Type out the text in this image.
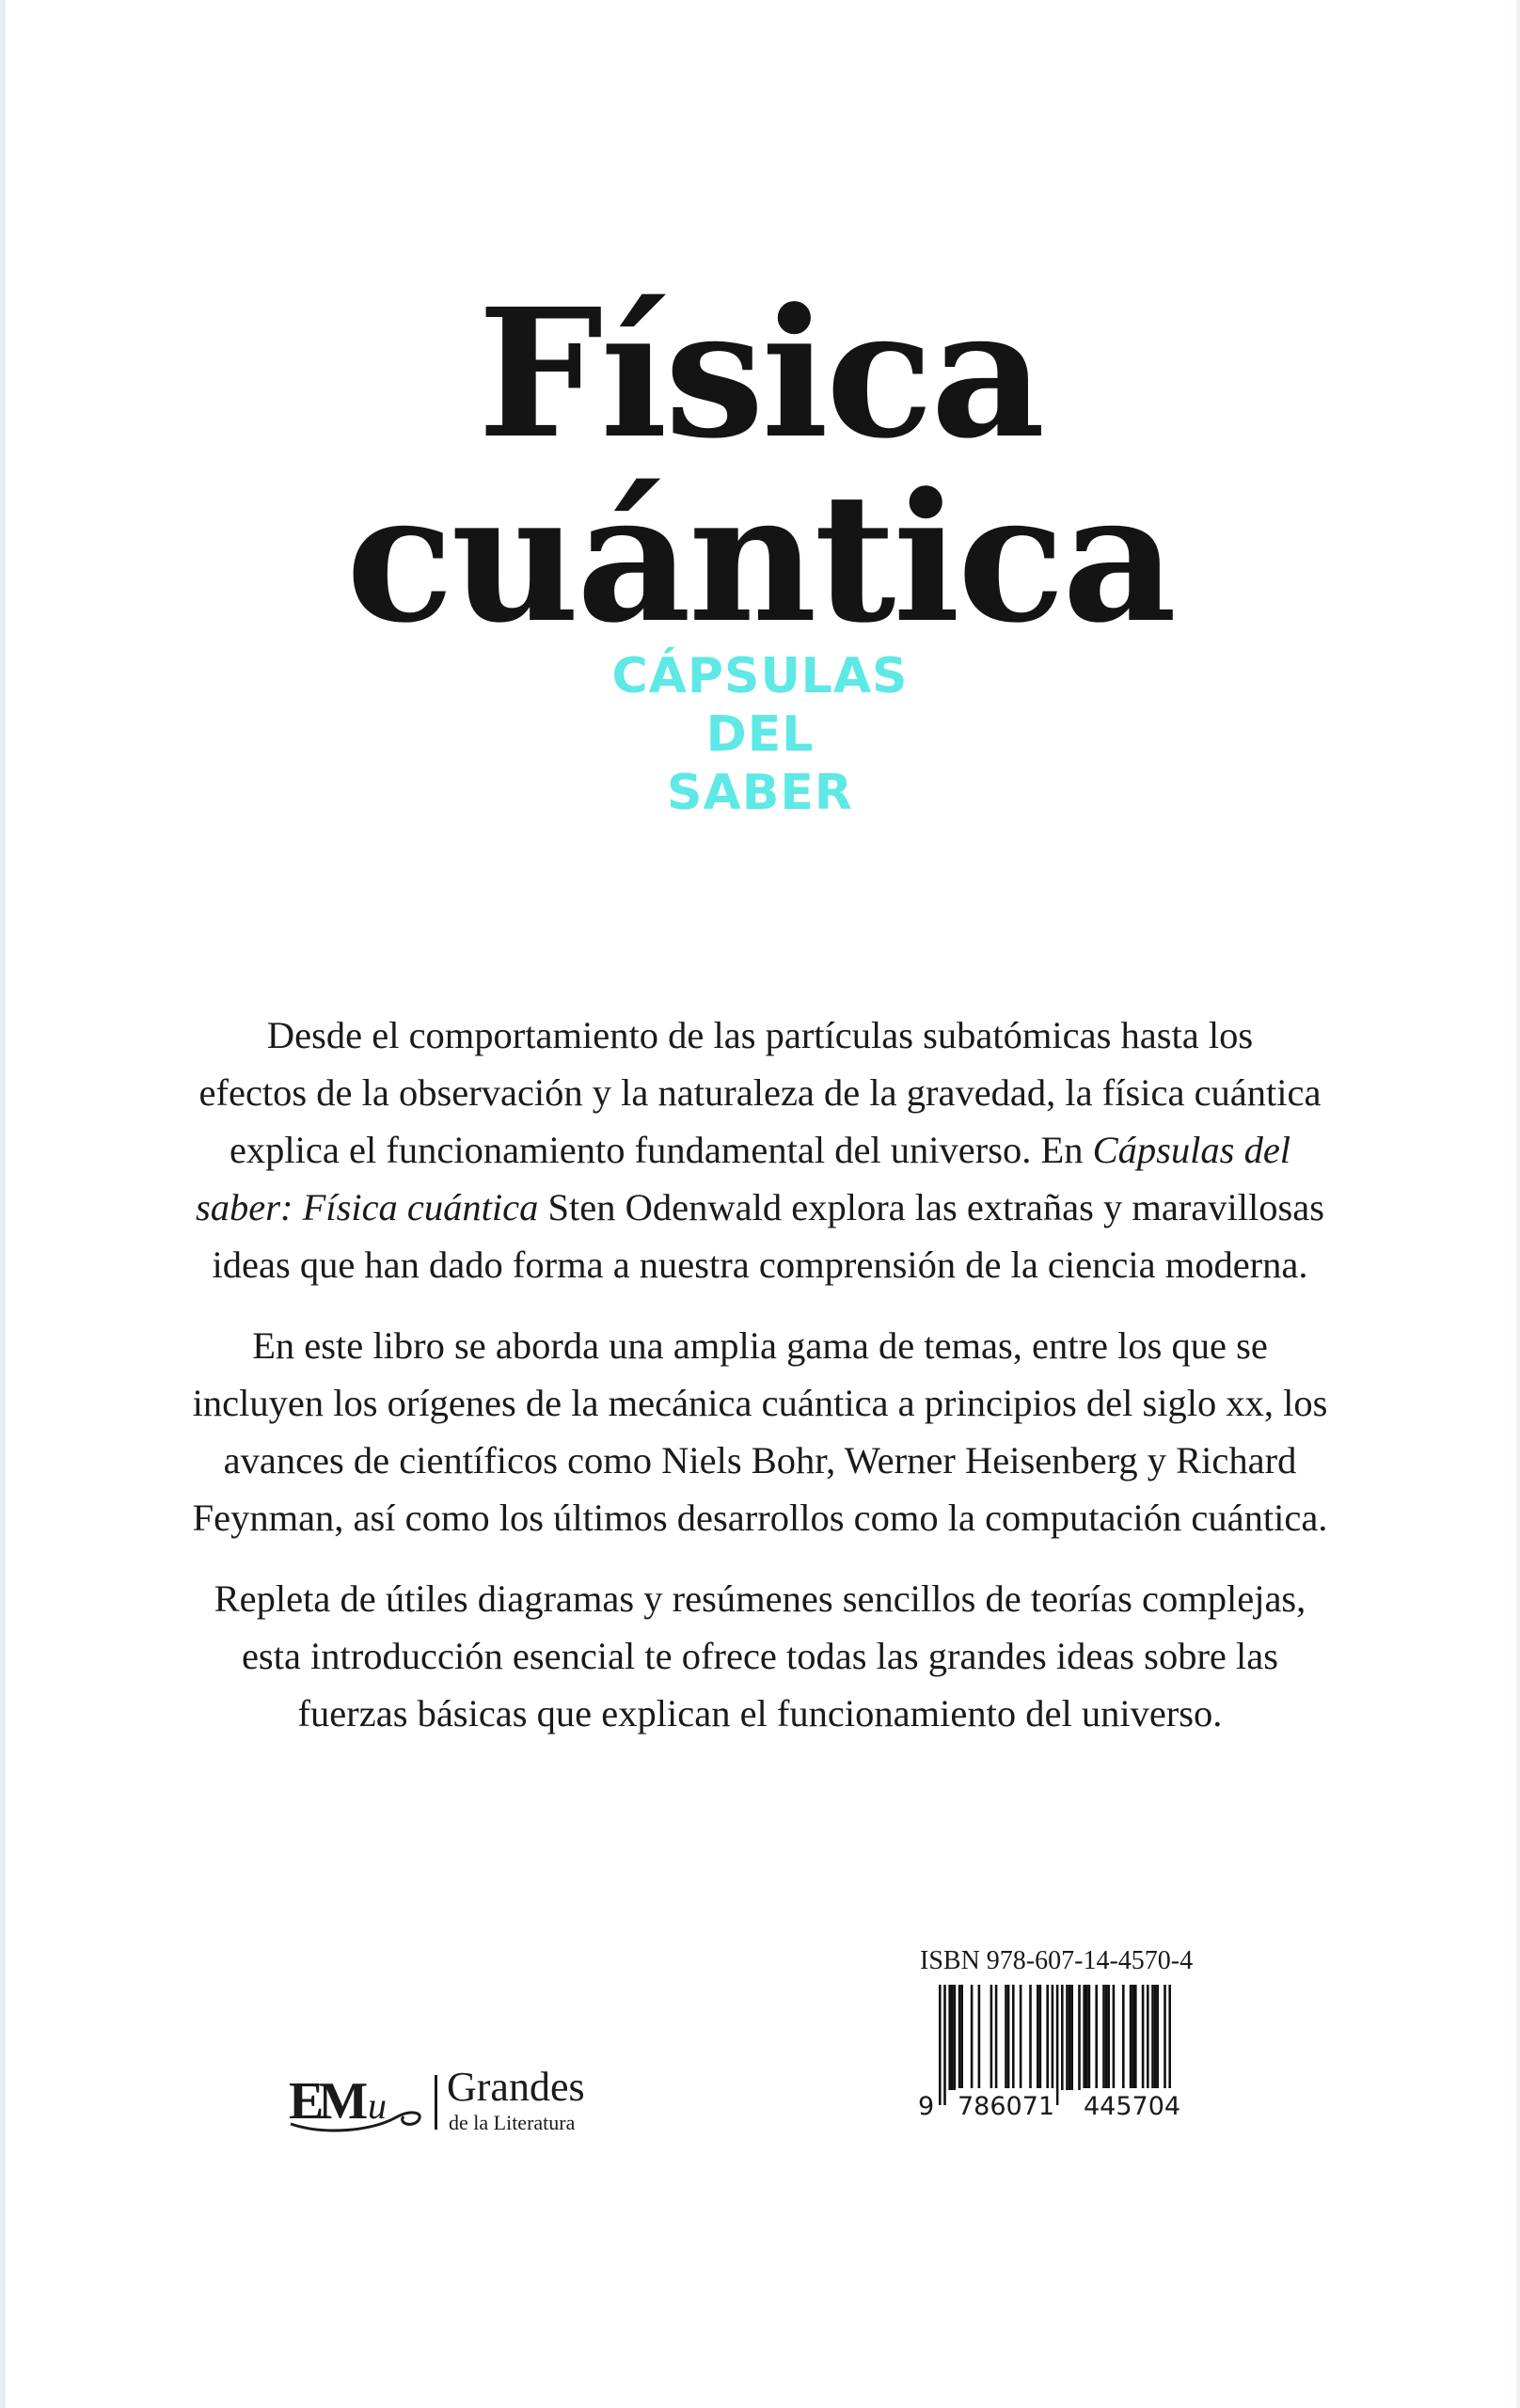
Física
cuántica
CÁPSULAS
DEL
SABER

Desde el comportamiento de las partículas subatómicas hasta los
efectos de la observación y la naturaleza de la gravedad, la física cuántica
explica el funcionamiento fundamental del universo. En Cápsulas del
saber: Física cuántica Sten Odenwald explora las extrañas y maravillosas
ideas que han dado forma a nuestra comprensión de la ciencia moderna.

En este libro se aborda una amplia gama de temas, entre los que se
incluyen los orígenes de la mecánica cuántica a principios del siglo xx, los
avances de científicos como Niels Bohr, Werner Heisenberg y Richard
Feynman, así como los últimos desarrollos como la computación cuántica.

Repleta de útiles diagramas y resúmenes sencillos de teorías complejas,
esta introducción esencial te ofrece todas las grandes ideas sobre las
fuerzas básicas que explican el funcionamiento del universo.

EM u Grandes
de la Literatura
ISBN 978-607-14-4570-4
9 786071 445704
